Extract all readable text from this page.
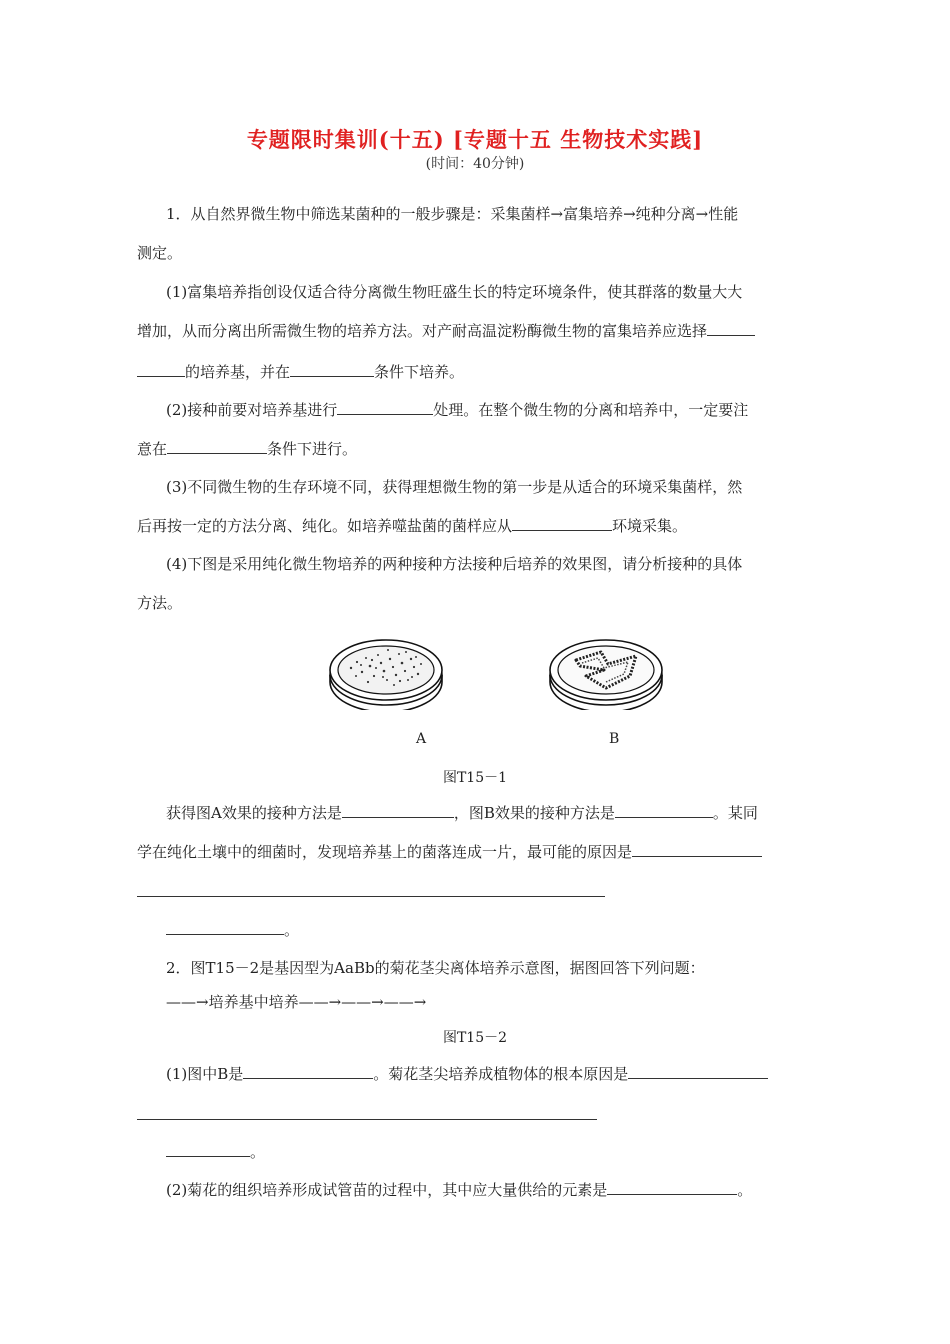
专题限时集训(十五) [专题十五 生物技术实践]
(时间：40分钟)
1．从自然界微生物中筛选某菌种的一般步骤是：采集菌样→富集培养→纯种分离→性能
测定。
(1)富集培养指创设仅适合待分离微生物旺盛生长的特定环境条件，使其群落的数量大大
增加，从而分离出所需微生物的培养方法。对产耐高温淀粉酶微生物的富集培养应选择
的培养基，并在	条件下培养。
(2)接种前要对培养基进行	处理。在整个微生物的分离和培养中，一定要注
意在	条件下进行。
(3)不同微生物的生存环境不同，获得理想微生物的第一步是从适合的环境采集菌样，然
后再按一定的方法分离、纯化。如培养噬盐菌的菌样应从	环境采集。
(4)下图是采用纯化微生物培养的两种接种方法接种后培养的效果图，请分析接种的具体
方法。
A	B
图T15－1
获得图A效果的接种方法是	，图B效果的接种方法是	。某同
学在纯化土壤中的细菌时，发现培养基上的菌落连成一片，最可能的原因是
。
2．图T15－2是基因型为AaBb的菊花茎尖离体培养示意图，据图回答下列问题：
——→培养基中培养——→——→——→
图T15－2
(1)图中B是	。菊花茎尖培养成植物体的根本原因是
。
(2)菊花的组织培养形成试管苗的过程中，其中应大量供给的元素是	。
